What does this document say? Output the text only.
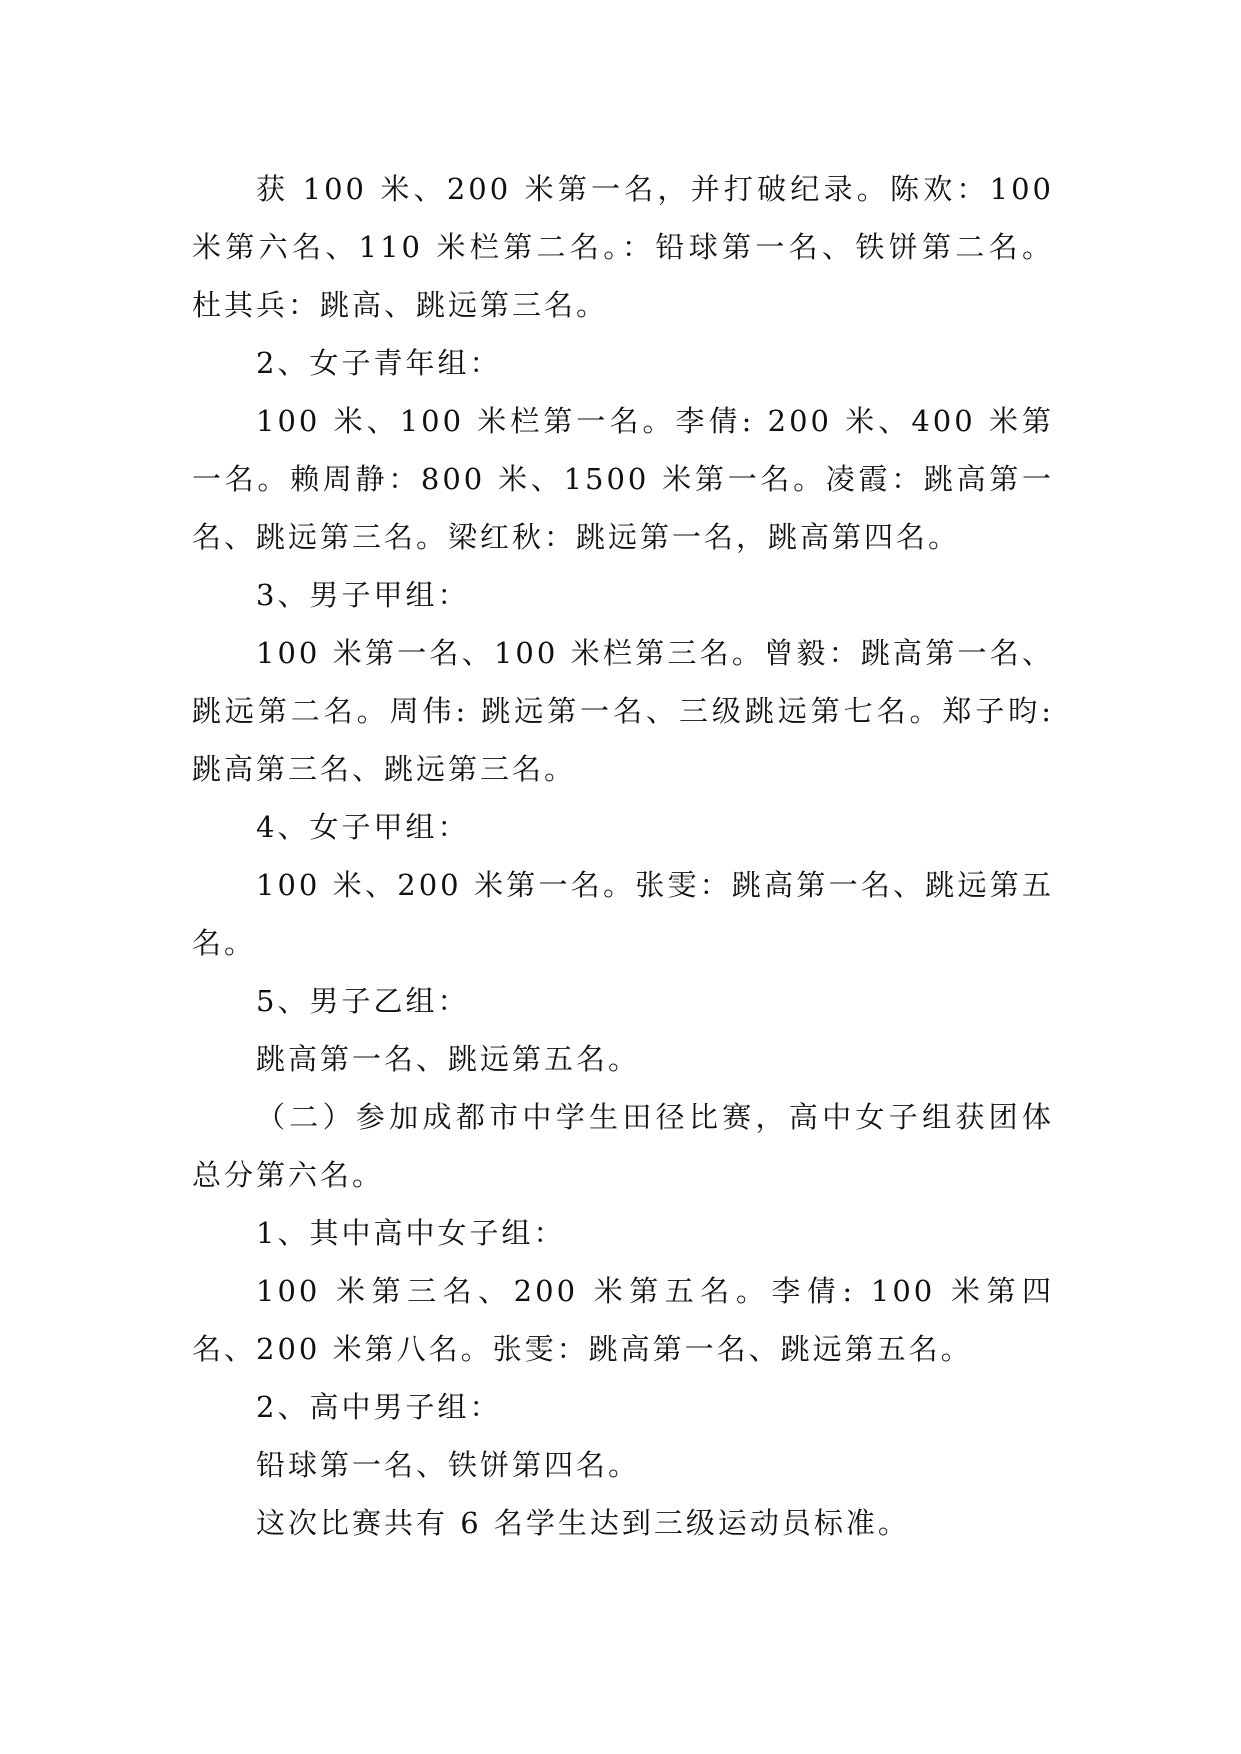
获 100 米、200 米第一名，并打破纪录。陈欢：100 米第六名、110 米栏第二名。：铅球第一名、铁饼第二名。杜其兵：跳高、跳远第三名。

2、女子青年组：

100 米、100 米栏第一名。李倩: 200 米、400 米第一名。赖周静：800 米、1500 米第一名。凌霞：跳高第一名、跳远第三名。梁红秋：跳远第一名，跳高第四名。

3、男子甲组：

100 米第一名、100 米栏第三名。曾毅：跳高第一名、跳远第二名。周伟: 跳远第一名、三级跳远第七名。郑子昀:跳高第三名、跳远第三名。

4、女子甲组：

100 米、200 米第一名。张雯：跳高第一名、跳远第五名。

5、男子乙组：

跳高第一名、跳远第五名。

（二）参加成都市中学生田径比赛，高中女子组获团体总分第六名。

1、其中高中女子组：

100 米第三名、200 米第五名。李倩: 100 米第四名、200 米第八名。张雯：跳高第一名、跳远第五名。

2、高中男子组：

铅球第一名、铁饼第四名。

这次比赛共有 6 名学生达到三级运动员标准。
